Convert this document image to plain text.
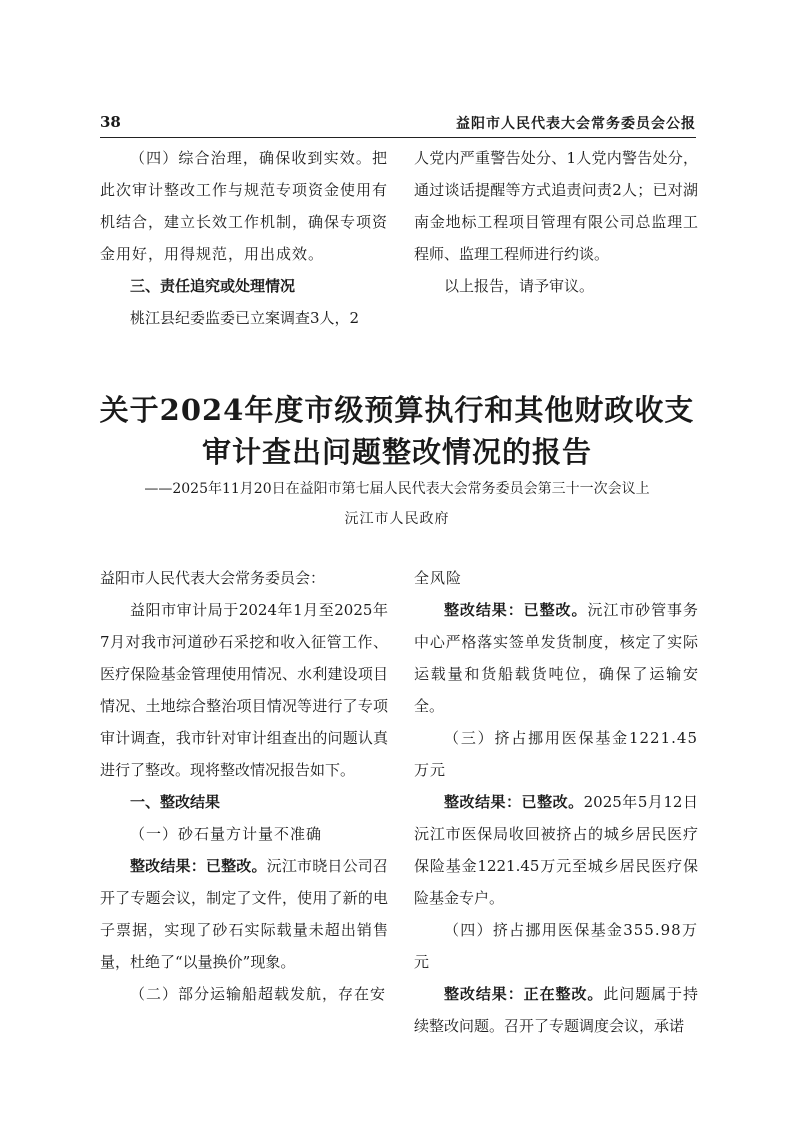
38	益阳市人民代表大会常务委员会公报

（四）综合治理，确保收到实效。把此次审计整改工作与规范专项资金使用有机结合，建立长效工作机制，确保专项资金用好，用得规范，用出成效。

三、责任追究或处理情况

桃江县纪委监委已立案调查3人，2

人党内严重警告处分、1人党内警告处分，通过谈话提醒等方式追责问责2人；已对湖南金地标工程项目管理有限公司总监理工程师、监理工程师进行约谈。

以上报告，请予审议。

关于2024年度市级预算执行和其他财政收支
审计查出问题整改情况的报告
——2025年11月20日在益阳市第七届人民代表大会常务委员会第三十一次会议上
沅江市人民政府

益阳市人民代表大会常务委员会：

益阳市审计局于2024年1月至2025年7月对我市河道砂石采挖和收入征管工作、医疗保险基金管理使用情况、水利建设项目情况、土地综合整治项目情况等进行了专项审计调查，我市针对审计组查出的问题认真进行了整改。现将整改情况报告如下。

一、整改结果

（一）砂石量方计量不准确

整改结果：已整改。沅江市晓日公司召开了专题会议，制定了文件，使用了新的电子票据，实现了砂石实际载量未超出销售量，杜绝了“以量换价”现象。

（二）部分运输船超载发航，存在安

全风险

整改结果：已整改。沅江市砂管事务中心严格落实签单发货制度，核定了实际运载量和货船载货吨位，确保了运输安全。

（三）挤占挪用医保基金1221.45万元

整改结果：已整改。2025年5月12日沅江市医保局收回被挤占的城乡居民医疗保险基金1221.45万元至城乡居民医疗保险基金专户。

（四）挤占挪用医保基金355.98万元

整改结果：正在整改。此问题属于持续整改问题。召开了专题调度会议，承诺
